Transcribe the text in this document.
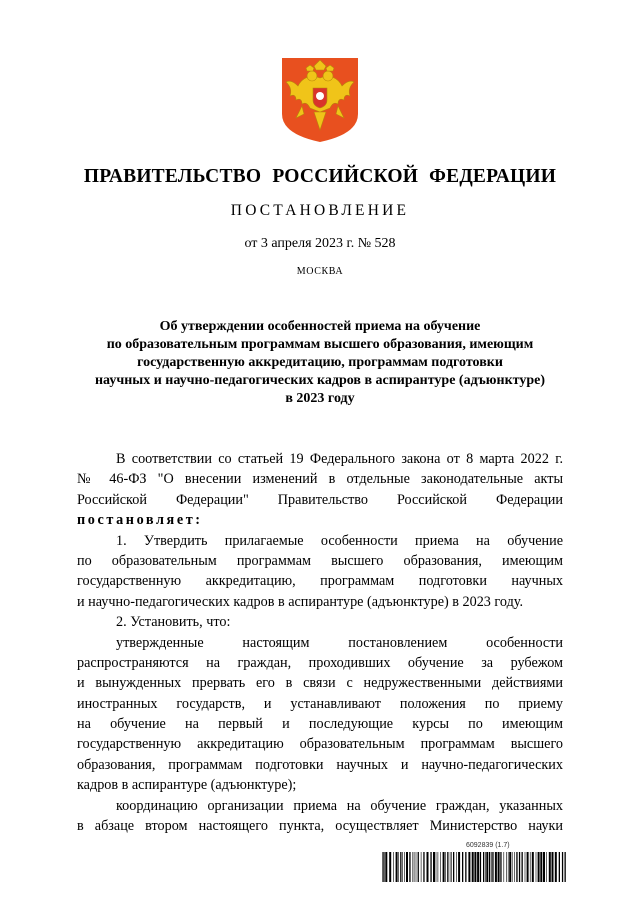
ПРАВИТЕЛЬСТВО РОССИЙСКОЙ ФЕДЕРАЦИИ
ПОСТАНОВЛЕНИЕ
от 3 апреля 2023 г. № 528
МОСКВА
Об утверждении особенностей приема на обучение
по образовательным программам высшего образования, имеющим
государственную аккредитацию, программам подготовки
научных и научно-педагогических кадров в аспирантуре (адъюнктуре)
в 2023 году
В соответствии со статьей 19 Федерального закона от 8 марта 2022 г.
№ 46-ФЗ "О внесении изменений в отдельные законодательные акты
Российской Федерации" Правительство Российской Федерации
постановляет:
1. Утвердить прилагаемые особенности приема на обучение
по образовательным программам высшего образования, имеющим
государственную аккредитацию, программам подготовки научных
и научно-педагогических кадров в аспирантуре (адъюнктуре) в 2023 году.
2. Установить, что:
утвержденные настоящим постановлением особенности
распространяются на граждан, проходивших обучение за рубежом
и вынужденных прервать его в связи с недружественными действиями
иностранных государств, и устанавливают положения по приему
на обучение на первый и последующие курсы по имеющим
государственную аккредитацию образовательным программам высшего
образования, программам подготовки научных и научно-педагогических
кадров в аспирантуре (адъюнктуре);
координацию организации приема на обучение граждан, указанных
в абзаце втором настоящего пункта, осуществляет Министерство науки
6092839 (1.7)
